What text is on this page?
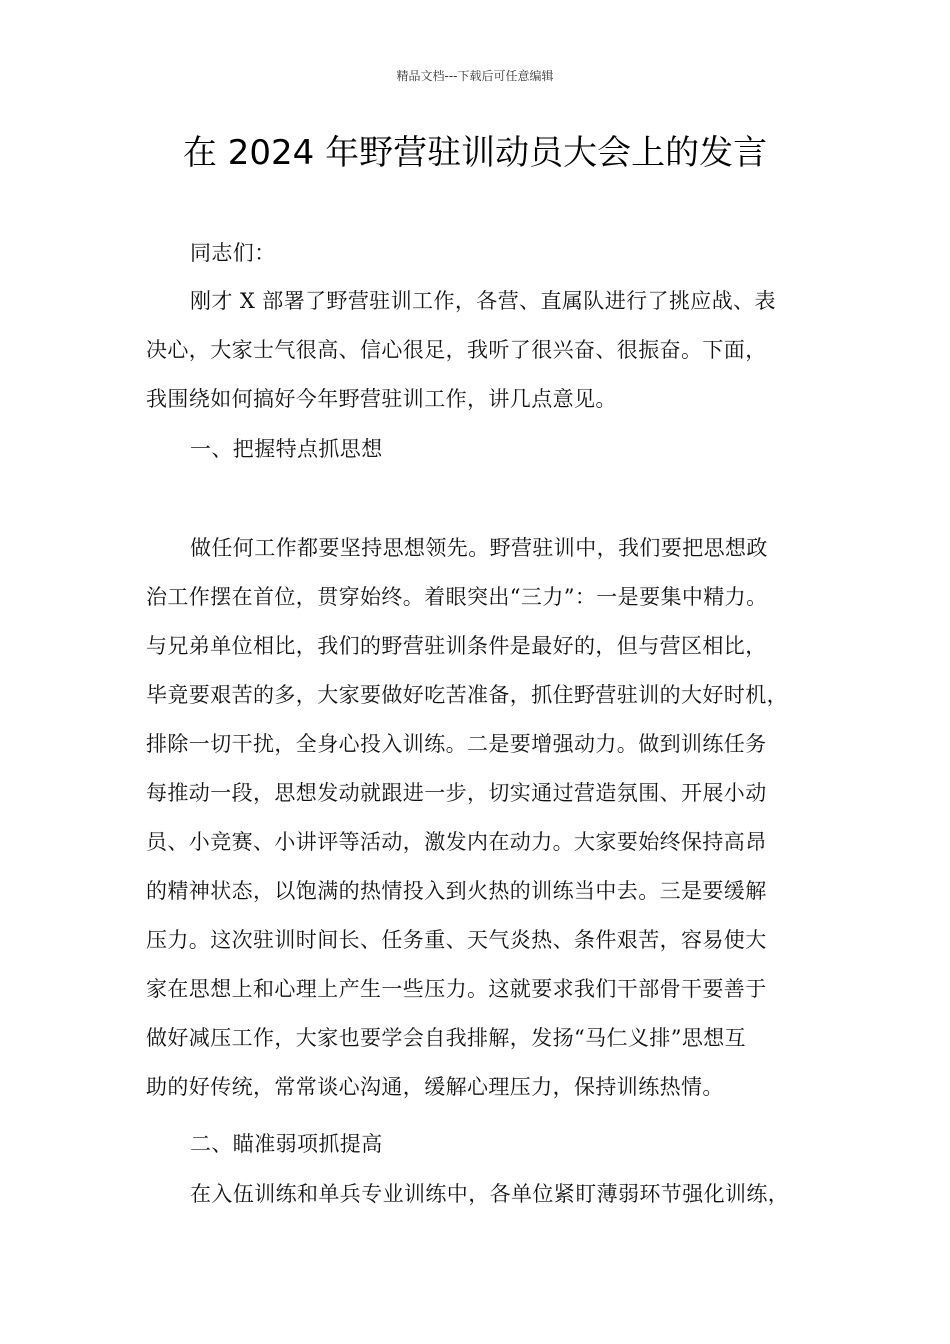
精品文档---下载后可任意编辑
在 2024 年野营驻训动员大会上的发言
同志们：
刚才 X 部署了野营驻训工作，各营、直属队进行了挑应战、表
决心，大家士气很高、信心很足，我听了很兴奋、很振奋。下面，
我围绕如何搞好今年野营驻训工作，讲几点意见。
一、把握特点抓思想
做任何工作都要坚持思想领先。野营驻训中，我们要把思想政
治工作摆在首位，贯穿始终。着眼突出“三力”：一是要集中精力。
与兄弟单位相比，我们的野营驻训条件是最好的，但与营区相比，
毕竟要艰苦的多，大家要做好吃苦准备，抓住野营驻训的大好时机，
排除一切干扰，全身心投入训练。二是要增强动力。做到训练任务
每推动一段，思想发动就跟进一步，切实通过营造氛围、开展小动
员、小竞赛、小讲评等活动，激发内在动力。大家要始终保持高昂
的精神状态，以饱满的热情投入到火热的训练当中去。三是要缓解
压力。这次驻训时间长、任务重、天气炎热、条件艰苦，容易使大
家在思想上和心理上产生一些压力。这就要求我们干部骨干要善于
做好减压工作，大家也要学会自我排解，发扬“马仁义排”思想互
助的好传统，常常谈心沟通，缓解心理压力，保持训练热情。
二、瞄准弱项抓提高
在入伍训练和单兵专业训练中，各单位紧盯薄弱环节强化训练，
